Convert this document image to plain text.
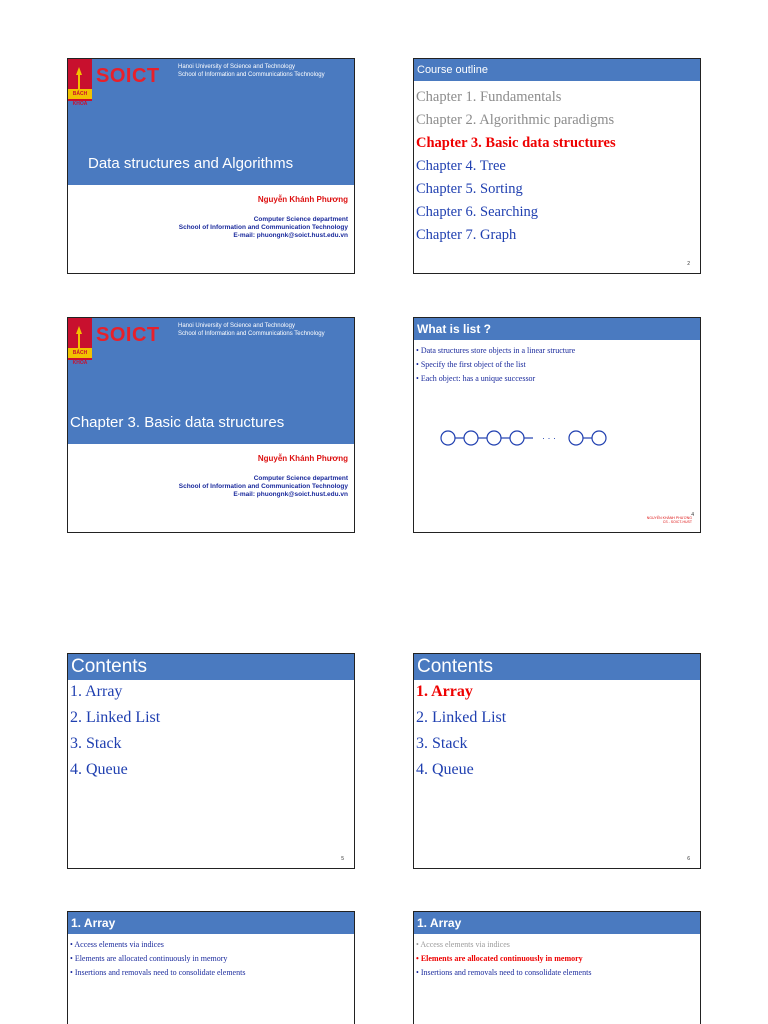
BÁCH KHOA
SOICT	Hanoi University of Science and Technology
School of Information and Communications Technology
Data structures and Algorithms
Nguyễn Khánh Phương
Computer Science department
School of Information and Communication Technology
E-mail: phuongnk@soict.hust.edu.vn
Course outline
Chapter 1. Fundamentals
Chapter 2. Algorithmic paradigms
Chapter 3. Basic data structures
Chapter 4. Tree
Chapter 5. Sorting
Chapter 6. Searching
Chapter 7. Graph
2
BÁCH KHOA
SOICT	Hanoi University of Science and Technology
School of Information and Communications Technology
Chapter 3. Basic data structures
Nguyễn Khánh Phương
Computer Science department
School of Information and Communication Technology
E-mail: phuongnk@soict.hust.edu.vn
What is list ?
• Data structures store objects in a linear structure
• Specify the first object of the list
• Each object: has a unique successor
· · ·
NGUYỄN KHÁNH PHƯƠNG
CS - SOICT-HUST
4
Contents
1. Array
2. Linked List
3. Stack
4. Queue
5
Contents
1. Array
2. Linked List
3. Stack
4. Queue
6
1. Array
• Access elements via indices
• Elements are allocated continuously in memory
• Insertions and removals need to consolidate elements
1. Array
• Access elements via indices
• Elements are allocated continuously in memory
• Insertions and removals need to consolidate elements
